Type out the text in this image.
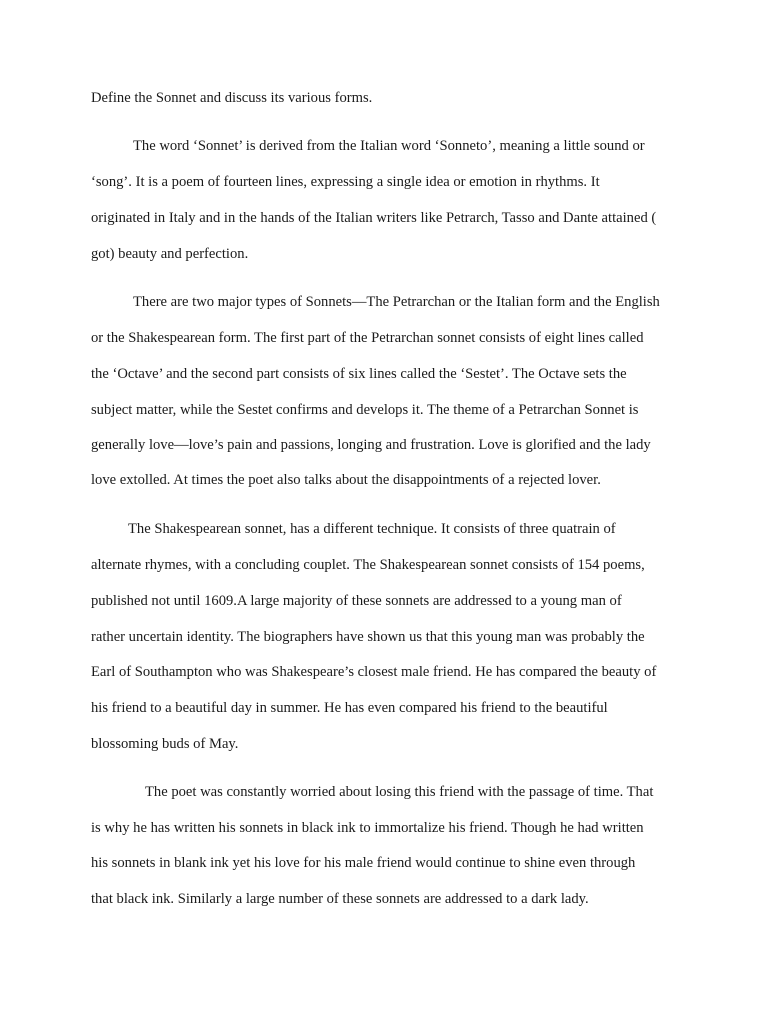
Define the Sonnet and discuss its various forms.
The word ‘Sonnet’ is derived from the Italian word ‘Sonneto’, meaning a little sound or
‘song’. It is a poem of fourteen lines, expressing a single idea or emotion in rhythms. It
originated in Italy and in the hands of the Italian writers like Petrarch, Tasso and Dante attained (
got) beauty and perfection.
There are two major types of Sonnets—The Petrarchan or the Italian form and the English
or the Shakespearean form. The first part of the Petrarchan sonnet consists of eight lines called
the ‘Octave’ and the second part consists of six lines called the ‘Sestet’. The Octave sets the
subject matter, while the Sestet confirms and develops it. The theme of a Petrarchan Sonnet is
generally love—love’s pain and passions, longing and frustration. Love is glorified and the lady
love extolled. At times the poet also talks about the disappointments of a rejected lover.
The Shakespearean sonnet, has a different technique. It consists of three quatrain of
alternate rhymes, with a concluding couplet. The Shakespearean sonnet consists of 154 poems,
published not until 1609.A large majority of these sonnets are addressed to a young man of
rather uncertain identity. The biographers have shown us that this young man was probably the
Earl of Southampton who was Shakespeare’s closest male friend. He has compared the beauty of
his friend to a beautiful day in summer. He has even compared his friend to the beautiful
blossoming buds of May.
The poet was constantly worried about losing this friend with the passage of time. That
is why he has written his sonnets in black ink to immortalize his friend. Though he had written
his sonnets in blank ink yet his love for his male friend would continue to shine even through
that black ink. Similarly a large number of these sonnets are addressed to a dark lady.
